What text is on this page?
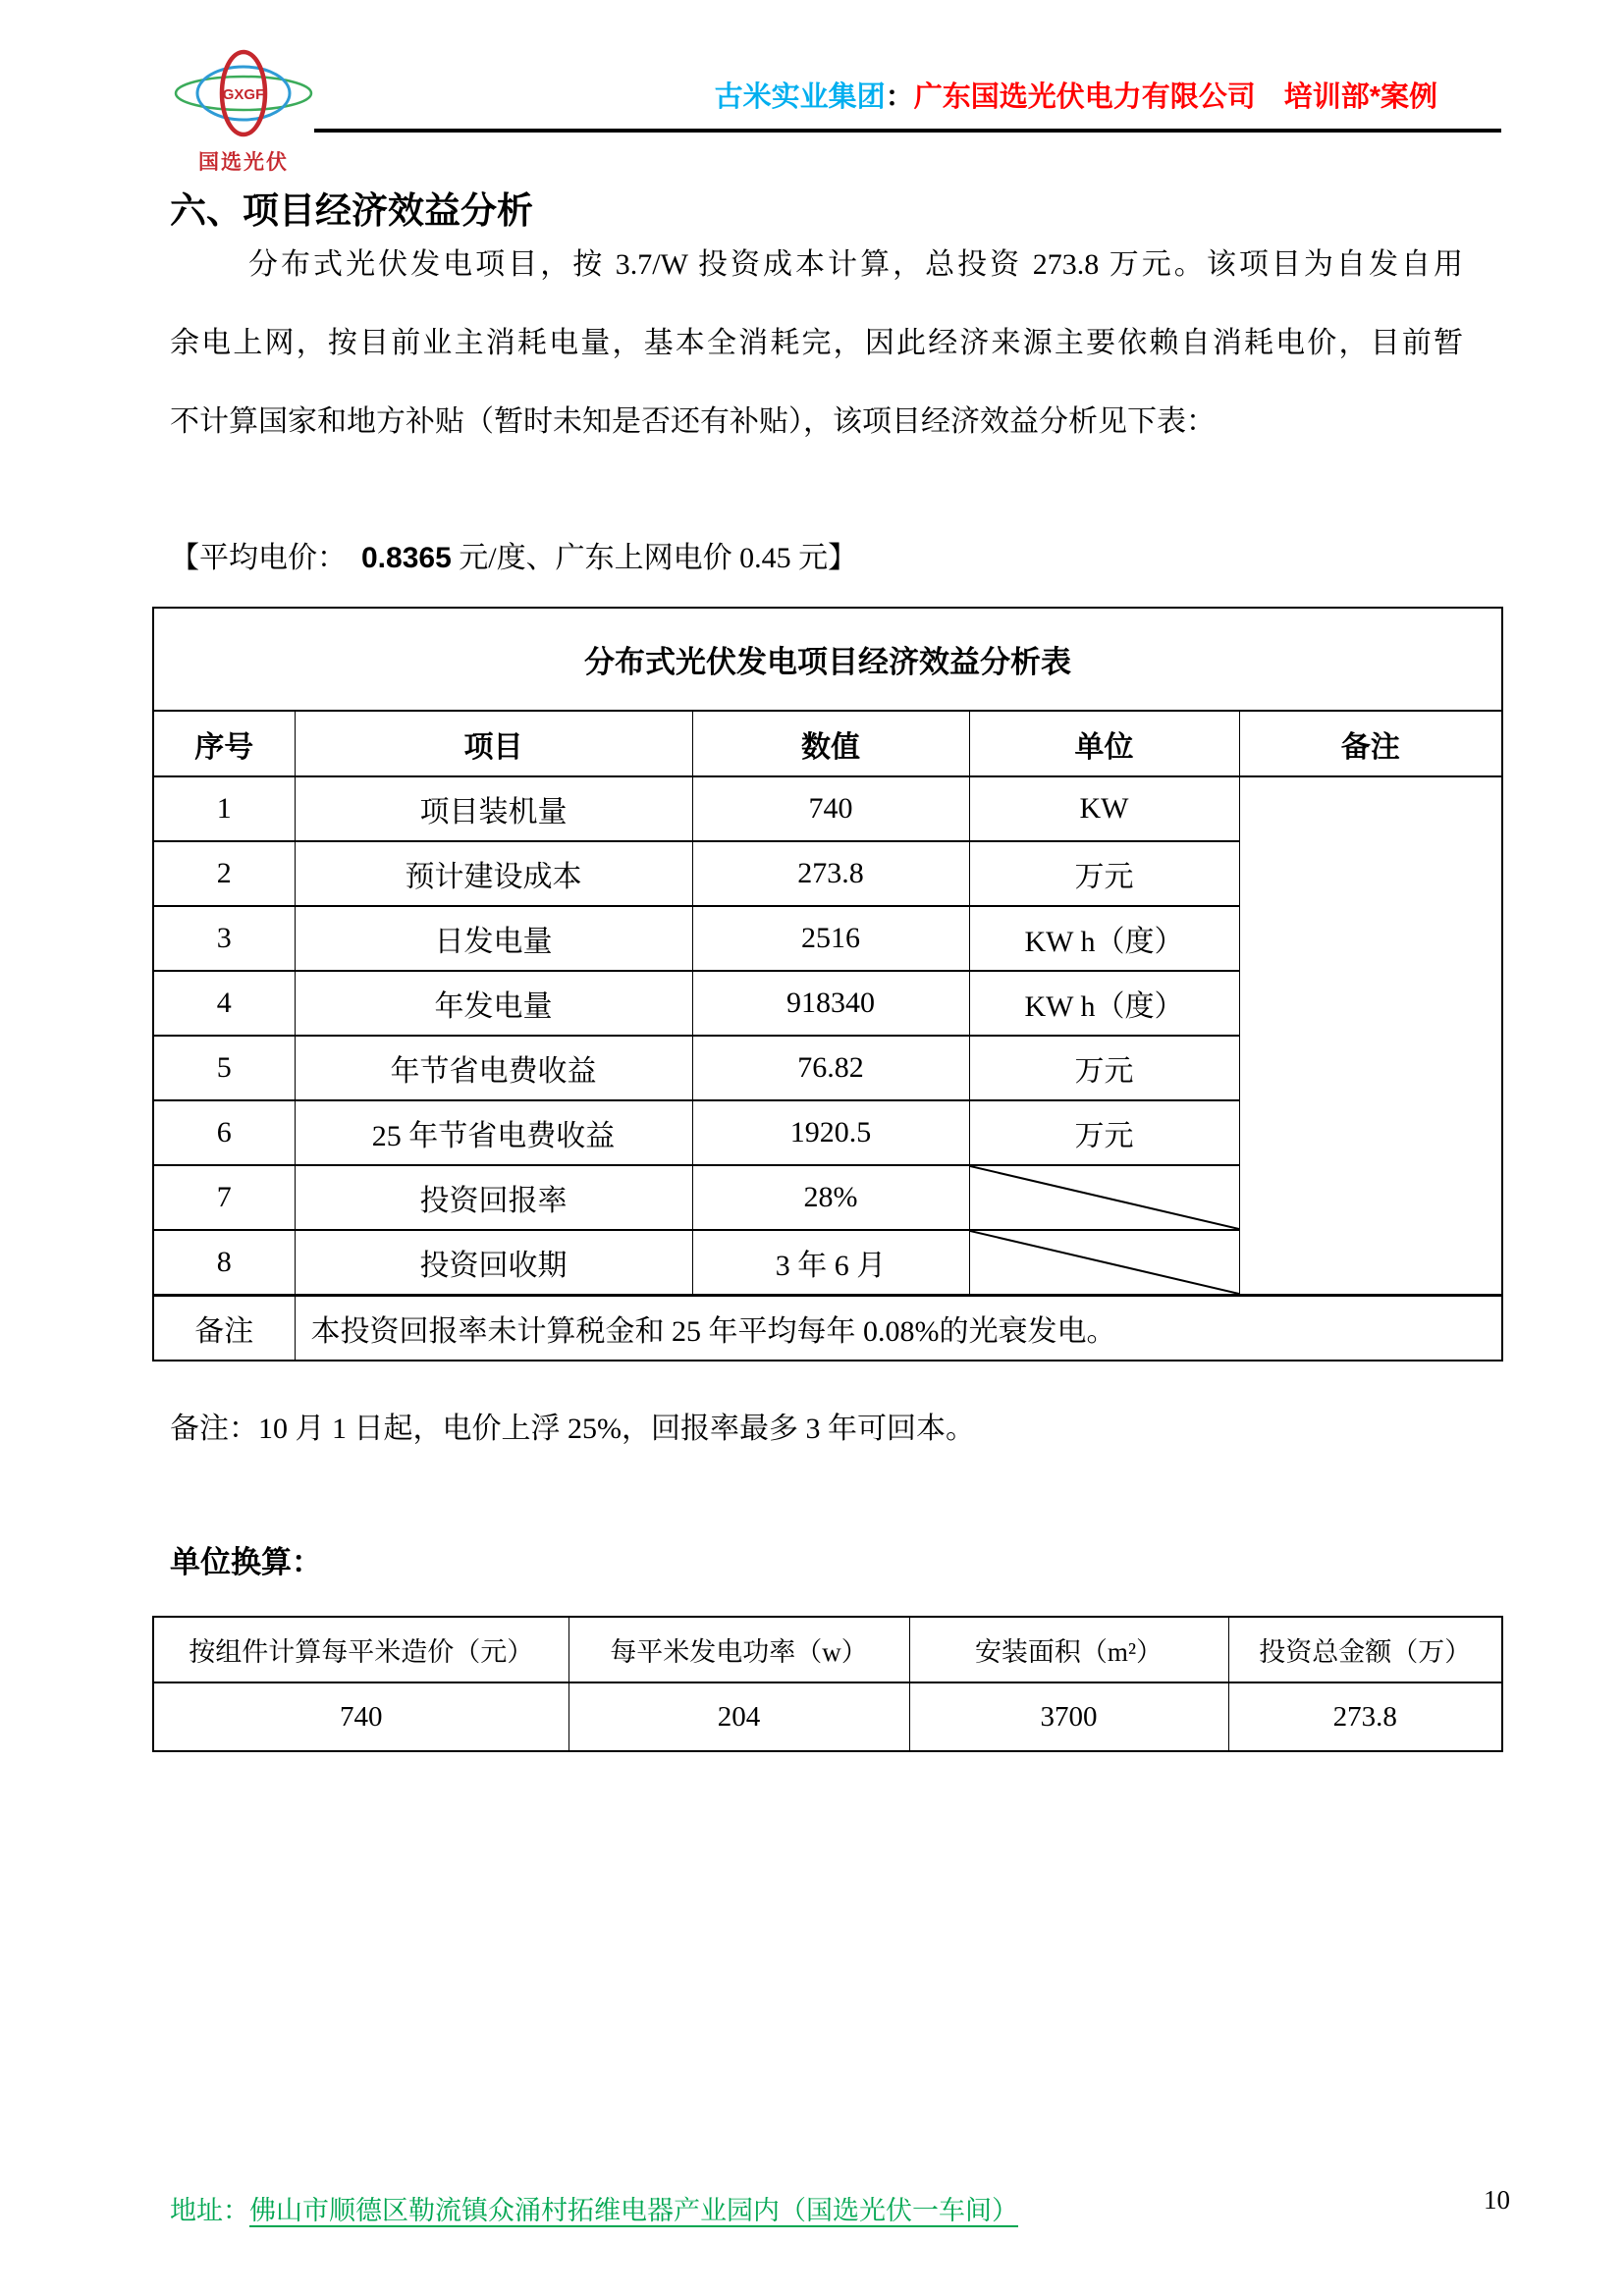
GXGF
国选光伏
古米实业集团：广东国选光伏电力有限公司　培训部*案例
六、项目经济效益分析
分布式光伏发电项目，按 3.7/W 投资成本计算，总投资 273.8 万元。该项目为自发自用
余电上网，按目前业主消耗电量，基本全消耗完，因此经济来源主要依赖自消耗电价，目前暂
不计算国家和地方补贴（暂时未知是否还有补贴），该项目经济效益分析见下表：
【平均电价：　0.8365 元/度、广东上网电价 0.45 元】
分布式光伏发电项目经济效益分析表				
序号	项目	数值	单位	备注
1	项目装机量	740	KW	
2	预计建设成本	273.8	万元	
3	日发电量	2516	KW h（度）	
4	年发电量	918340	KW h（度）	
5	年节省电费收益	76.82	万元	
6	25 年节省电费收益	1920.5	万元	
7	投资回报率	28%	

8	投资回收期	3 年 6 月	

备注	本投资回报率未计算税金和 25 年平均每年 0.08%的光衰发电。			
备注：10 月 1 日起，电价上浮 25%，回报率最多 3 年可回本。
单位换算：
按组件计算每平米造价（元）	每平米发电功率（w）	安装面积（m²）	投资总金额（万）
740	204	3700	273.8
地址：佛山市顺德区勒流镇众涌村拓维电器产业园内（国选光伏一车间）	10
